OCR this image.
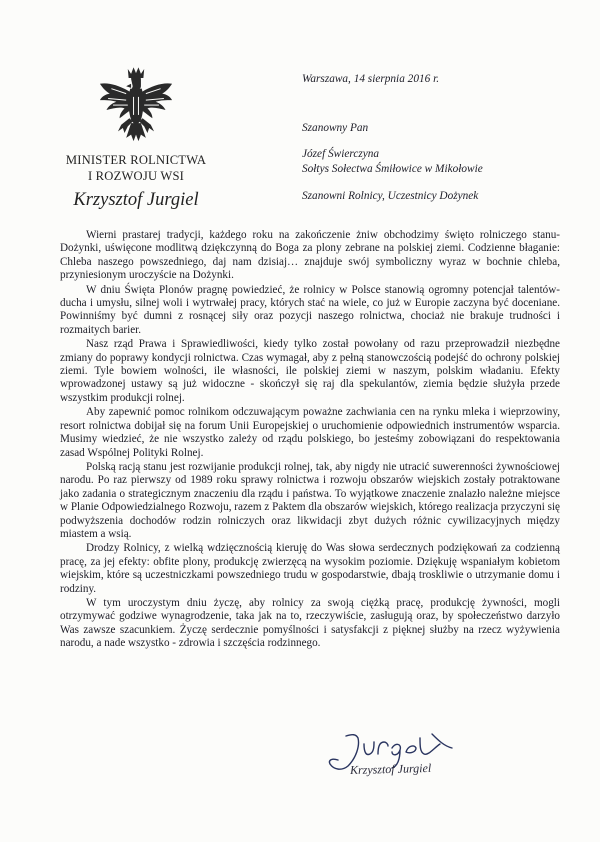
MINISTER ROLNICTWA
I ROZWOJU WSI
Krzysztof Jurgiel
Warszawa, 14 sierpnia 2016 r.
Szanowny Pan
Józef Świerczyna
Sołtys Sołectwa Śmiłowice w Mikołowie
Szanowni Rolnicy, Uczestnicy Dożynek

Wierni prastarej tradycji, każdego roku na zakończenie żniw obchodzimy święto rolniczego stanu- Dożynki, uświęcone modlitwą dziękczynną do Boga za plony zebrane na polskiej ziemi. Codzienne błaganie: Chleba naszego powszedniego, daj nam dzisiaj… znajduje swój symboliczny wyraz w bochnie chleba, przyniesionym uroczyście na Dożynki.

W dniu Święta Plonów pragnę powiedzieć, że rolnicy w Polsce stanowią ogromny potencjał talentów- ducha i umysłu, silnej woli i wytrwałej pracy, których stać na wiele, co już w Europie zaczyna być doceniane. Powinniśmy być dumni z rosnącej siły oraz pozycji naszego rolnictwa, chociaż nie brakuje trudności i rozmaitych barier.

Nasz rząd Prawa i Sprawiedliwości, kiedy tylko został powołany od razu przeprowadził niezbędne zmiany do poprawy kondycji rolnictwa. Czas wymagał, aby z pełną stanowczością podejść do ochrony polskiej ziemi. Tyle bowiem wolności, ile własności, ile polskiej ziemi w naszym, polskim władaniu. Efekty wprowadzonej ustawy są już widoczne - skończył się raj dla spekulantów, ziemia będzie służyła przede wszystkim produkcji rolnej.

Aby zapewnić pomoc rolnikom odczuwającym poważne zachwiania cen na rynku mleka i wieprzowiny, resort rolnictwa dobijał się na forum Unii Europejskiej o uruchomienie odpowiednich instrumentów wsparcia. Musimy wiedzieć, że nie wszystko zależy od rządu polskiego, bo jesteśmy zobowiązani do respektowania zasad Wspólnej Polityki Rolnej.

Polską racją stanu jest rozwijanie produkcji rolnej, tak, aby nigdy nie utracić suwerenności żywnościowej narodu. Po raz pierwszy od 1989 roku sprawy rolnictwa i rozwoju obszarów wiejskich zostały potraktowane jako zadania o strategicznym znaczeniu dla rządu i państwa. To wyjątkowe znaczenie znalazło należne miejsce w Planie Odpowiedzialnego Rozwoju, razem z Paktem dla obszarów wiejskich, którego realizacja przyczyni się podwyższenia dochodów rodzin rolniczych oraz likwidacji zbyt dużych różnic cywilizacyjnych między miastem a wsią.

Drodzy Rolnicy, z wielką wdzięcznością kieruję do Was słowa serdecznych podziękowań za codzienną pracę, za jej efekty: obfite plony, produkcję zwierzęcą na wysokim poziomie. Dziękuję wspaniałym kobietom wiejskim, które są uczestniczkami powszedniego trudu w gospodarstwie, dbają troskliwie o utrzymanie domu i rodziny.

W tym uroczystym dniu życzę, aby rolnicy za swoją ciężką pracę, produkcję żywności, mogli otrzymywać godziwe wynagrodzenie, taka jak na to, rzeczywiście, zasługują oraz, by społeczeństwo darzyło Was zawsze szacunkiem. Życzę serdecznie pomyślności i satysfakcji z pięknej służby na rzecz wyżywienia narodu, a nade wszystko - zdrowia i szczęścia rodzinnego.

Krzysztof Jurgiel
